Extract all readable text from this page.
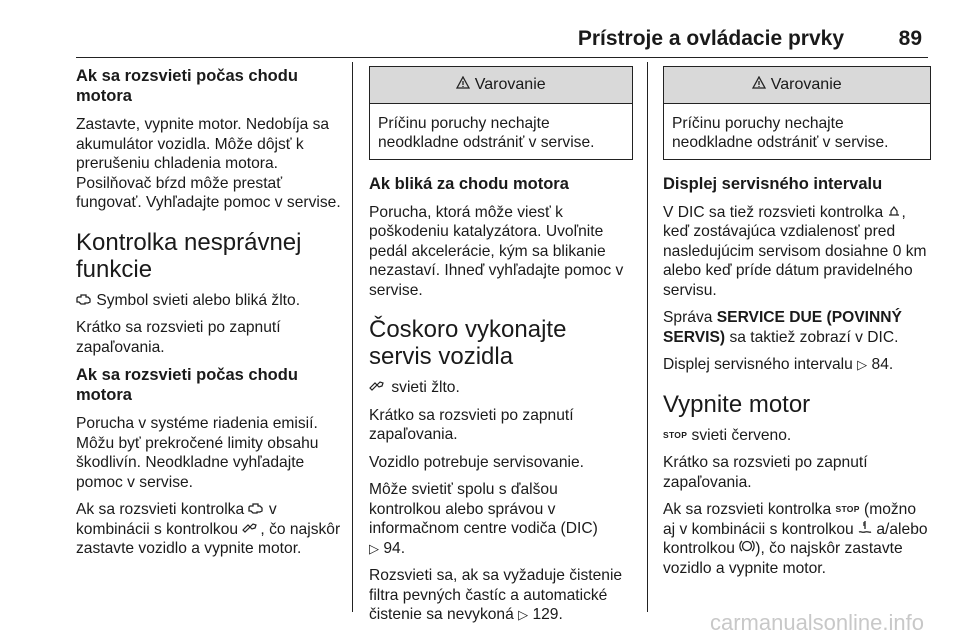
Prístroje a ovládacie prvky	89
Ak sa rozsvieti počas chodu motora

Zastavte, vypnite motor. Nedobíja sa akumulátor vozidla. Môže dôjsť k prerušeniu chladenia motora. Posilňovač bŕzd môže prestať fungovať. Vyhľadajte pomoc v servise.

Kontrolka nesprávnej funkcie

Symbol svieti alebo bliká žlto.

Krátko sa rozsvieti po zapnutí zapaľovania.

Ak sa rozsvieti počas chodu motora

Porucha v systéme riadenia emisií. Môžu byť prekročené limity obsahu škodlivín. Neodkladne vyhľadajte pomoc v servise.

Ak sa rozsvieti kontrolka v kombinácii s kontrolkou , čo najskôr zastavte vozidlo a vypnite motor.

Varovanie
Príčinu poruchy nechajte neodkladne odstrániť v servise.
Ak bliká za chodu motora

Porucha, ktorá môže viesť k poškodeniu katalyzátora. Uvoľnite pedál akcelerácie, kým sa blikanie nezastaví. Ihneď vyhľadajte pomoc v servise.

Čoskoro vykonajte servis vozidla

svieti žlto.

Krátko sa rozsvieti po zapnutí zapaľovania.

Vozidlo potrebuje servisovanie.

Môže svietiť spolu s ďalšou kontrolkou alebo správou v informačnom centre vodiča (DIC)
▷ 94.

Rozsvieti sa, ak sa vyžaduje čistenie filtra pevných častíc a automatické čistenie sa nevykoná ▷ 129.

Varovanie
Príčinu poruchy nechajte neodkladne odstrániť v servise.
Displej servisného intervalu

V DIC sa tiež rozsvieti kontrolka , keď zostávajúca vzdialenosť pred nasledujúcim servisom dosiahne 0 km alebo keď príde dátum pravidelného servisu.

Správa SERVICE DUE (POVINNÝ SERVIS) sa taktiež zobrazí v DIC.

Displej servisného intervalu ▷ 84.

Vypnite motor

STOP svieti červeno.

Krátko sa rozsvieti po zapnutí zapaľovania.

Ak sa rozsvieti kontrolka STOP (možno aj v kombinácii s kontrolkou a/alebo kontrolkou ), čo najskôr zastavte vozidlo a vypnite motor.

carmanualsonline.info
